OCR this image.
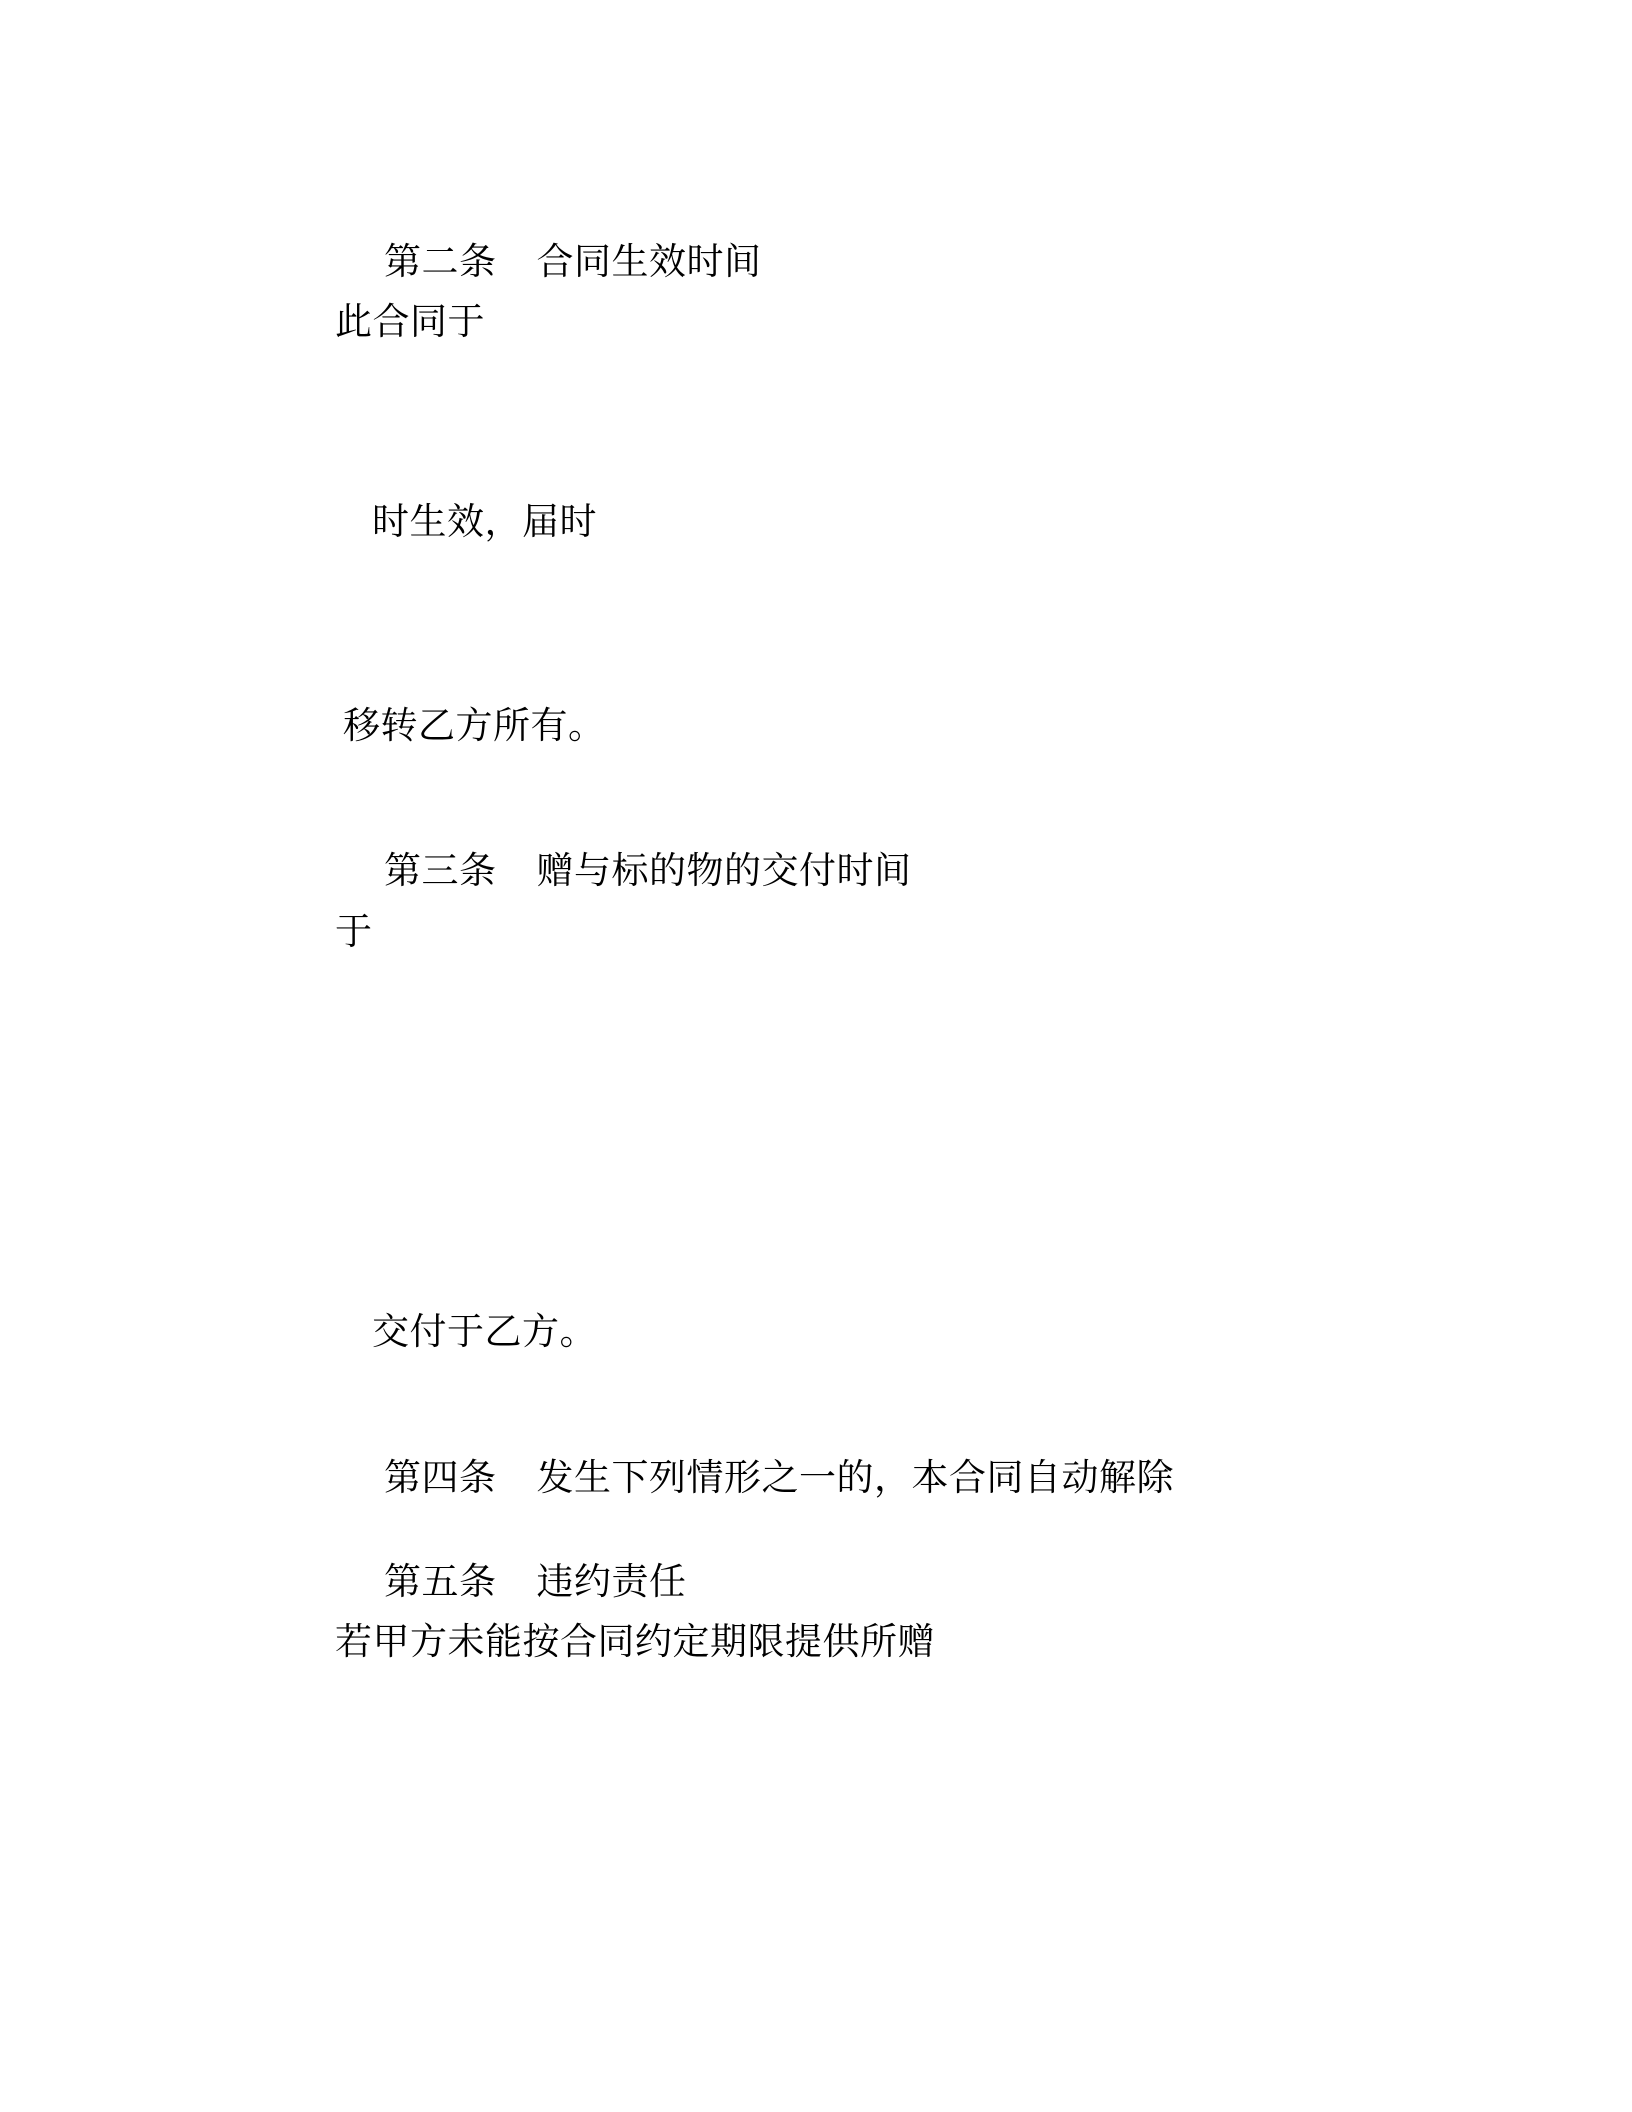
第二条 合同生效时间

此合同于
时生效，届时
移转乙方所有。

第三条 赠与标的物的交付时间

于
交付于乙方。

第四条 发生下列情形之一的，本合同自动解除

第五条 违约责任

若甲方未能按合同约定期限提供所赠
